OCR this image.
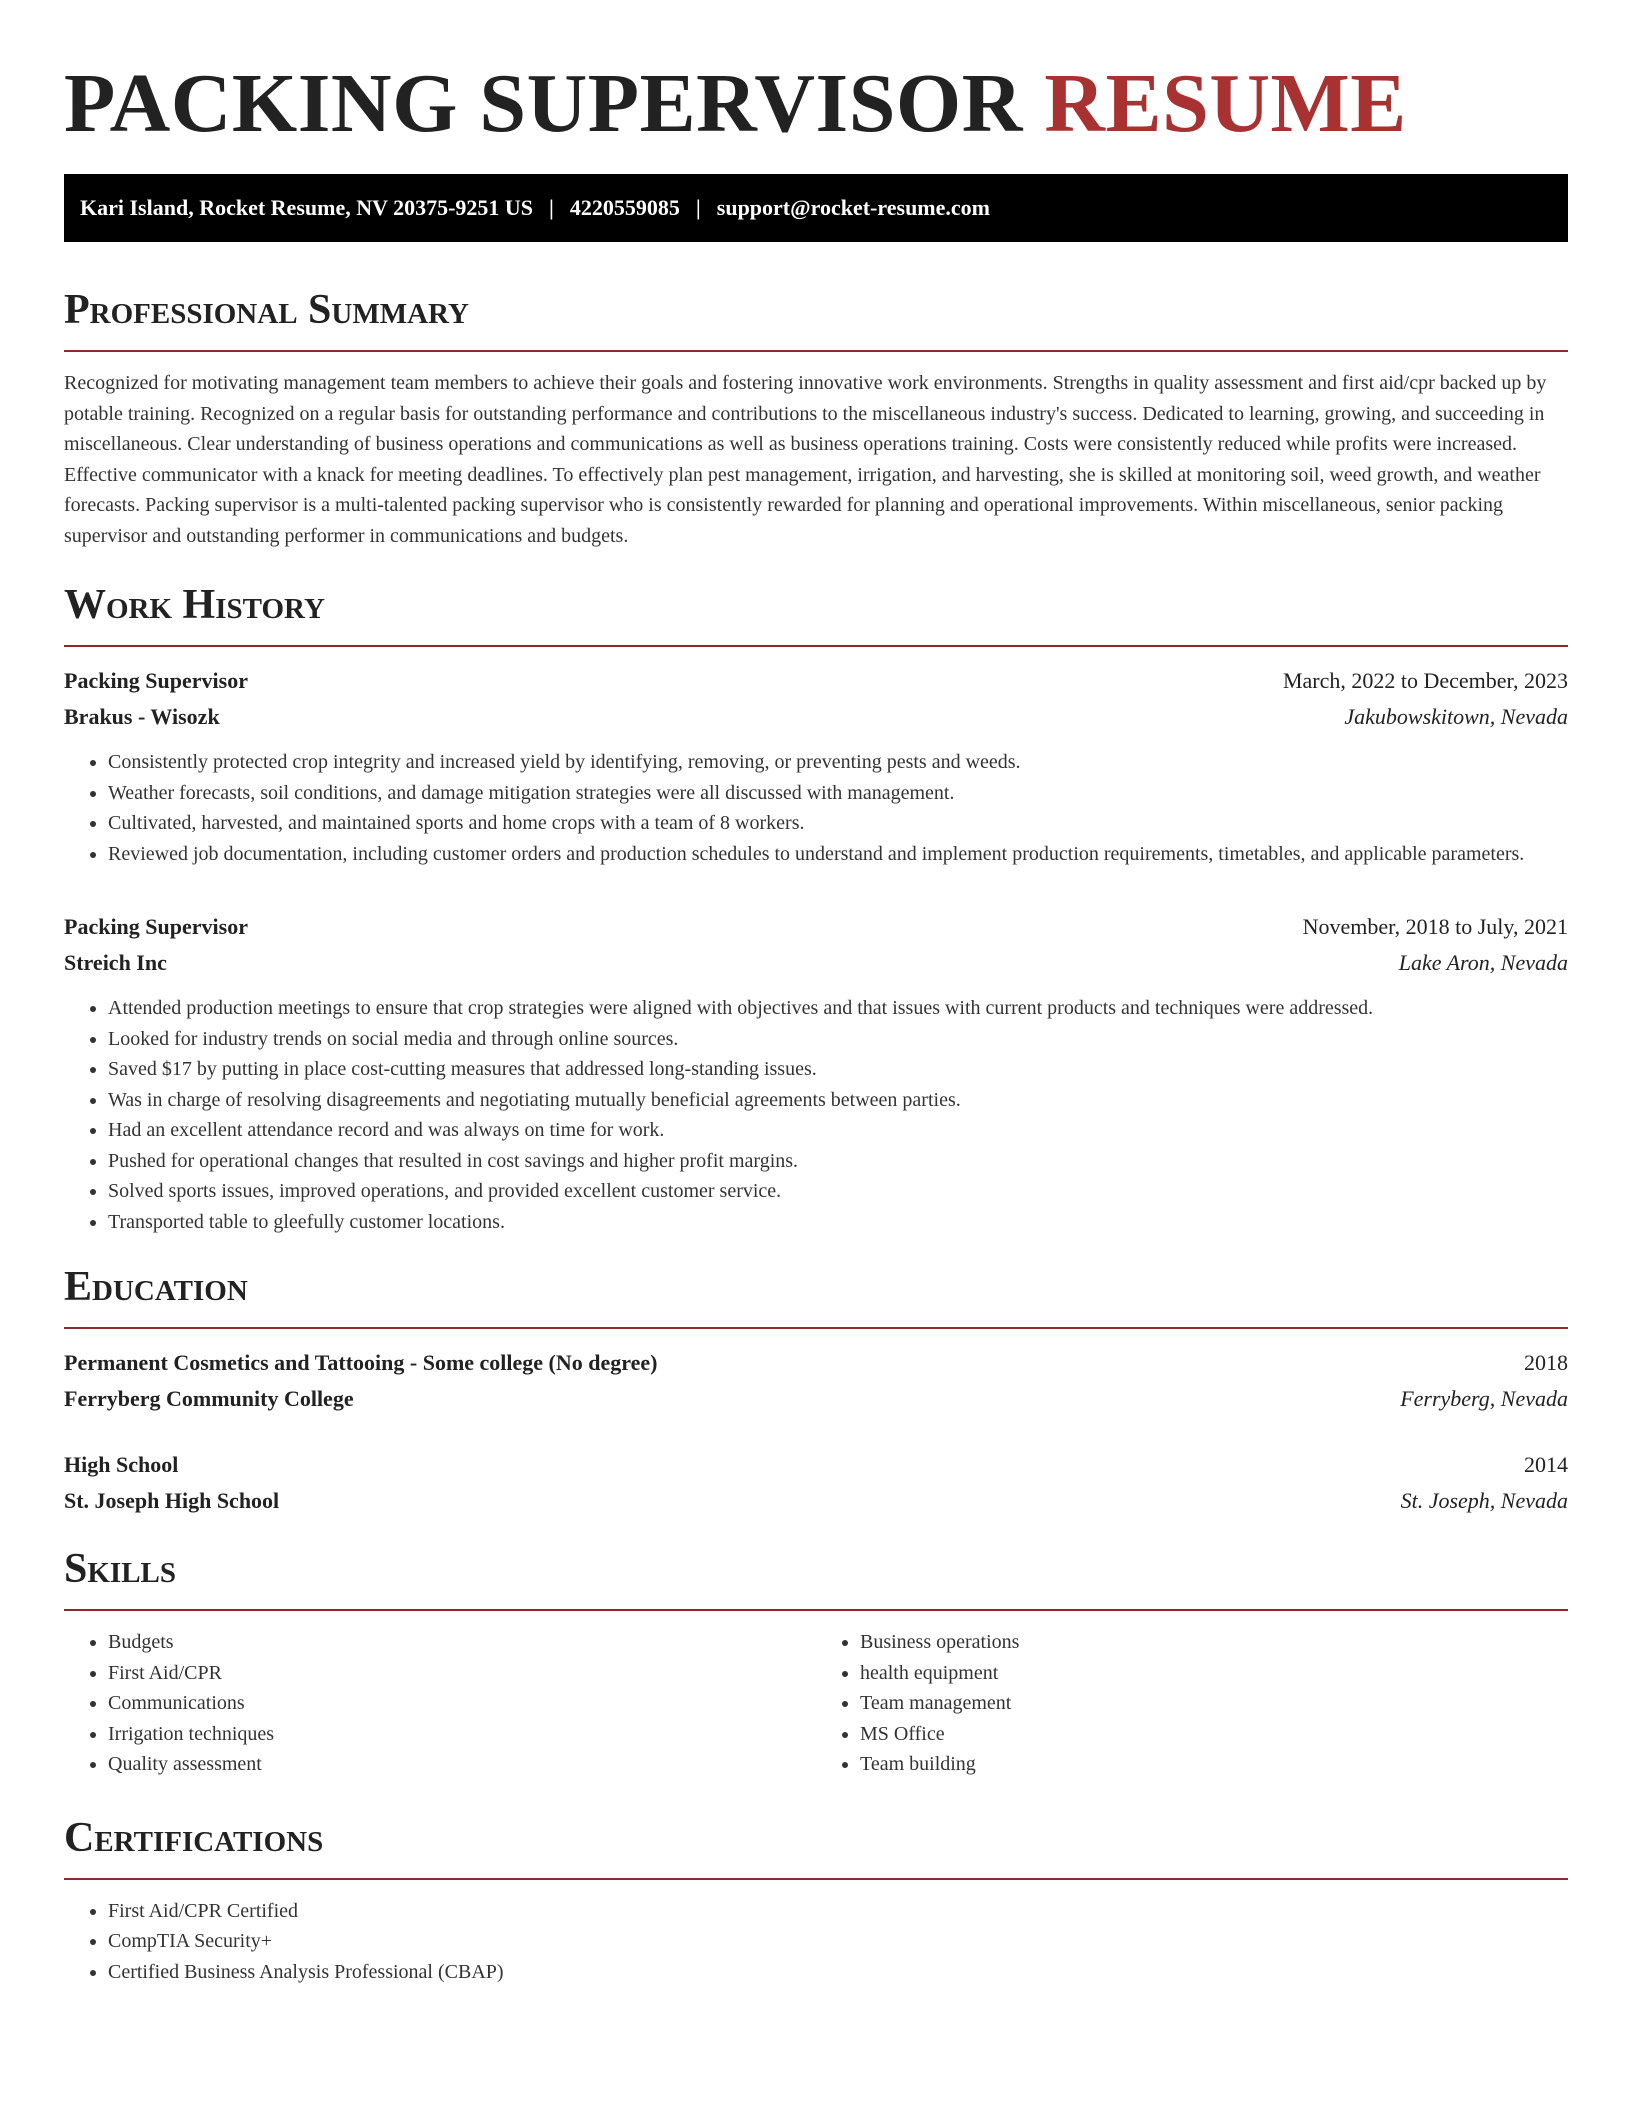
PACKING SUPERVISOR RESUME
Kari Island, Rocket Resume, NV 20375-9251 US | 4220559085 | support@rocket-resume.com
Professional Summary

Recognized for motivating management team members to achieve their goals and fostering innovative work environments. Strengths in quality assessment and first aid/cpr backed up by potable training. Recognized on a regular basis for outstanding performance and contributions to the miscellaneous industry's success. Dedicated to learning, growing, and succeeding in miscellaneous. Clear understanding of business operations and communications as well as business operations training. Costs were consistently reduced while profits were increased. Effective communicator with a knack for meeting deadlines. To effectively plan pest management, irrigation, and harvesting, she is skilled at monitoring soil, weed growth, and weather forecasts. Packing supervisor is a multi-talented packing supervisor who is consistently rewarded for planning and operational improvements. Within miscellaneous, senior packing supervisor and outstanding performer in communications and budgets.

Work History
Packing Supervisor	March, 2022 to December, 2023
Brakus - Wisozk	Jakubowskitown, Nevada
• Consistently protected crop integrity and increased yield by identifying, removing, or preventing pests and weeds.
• Weather forecasts, soil conditions, and damage mitigation strategies were all discussed with management.
• Cultivated, harvested, and maintained sports and home crops with a team of 8 workers.
• Reviewed job documentation, including customer orders and production schedules to understand and implement production requirements, timetables, and applicable parameters.
Packing Supervisor	November, 2018 to July, 2021
Streich Inc	Lake Aron, Nevada
• Attended production meetings to ensure that crop strategies were aligned with objectives and that issues with current products and techniques were addressed.
• Looked for industry trends on social media and through online sources.
• Saved $17 by putting in place cost-cutting measures that addressed long-standing issues.
• Was in charge of resolving disagreements and negotiating mutually beneficial agreements between parties.
• Had an excellent attendance record and was always on time for work.
• Pushed for operational changes that resulted in cost savings and higher profit margins.
• Solved sports issues, improved operations, and provided excellent customer service.
• Transported table to gleefully customer locations.
Education
Permanent Cosmetics and Tattooing - Some college (No degree)	2018
Ferryberg Community College	Ferryberg, Nevada
High School	2014
St. Joseph High School	St. Joseph, Nevada
Skills
• Budgets
• First Aid/CPR
• Communications
• Irrigation techniques
• Quality assessment
• Business operations
• health equipment
• Team management
• MS Office
• Team building
Certifications
• First Aid/CPR Certified
• CompTIA Security+
• Certified Business Analysis Professional (CBAP)
